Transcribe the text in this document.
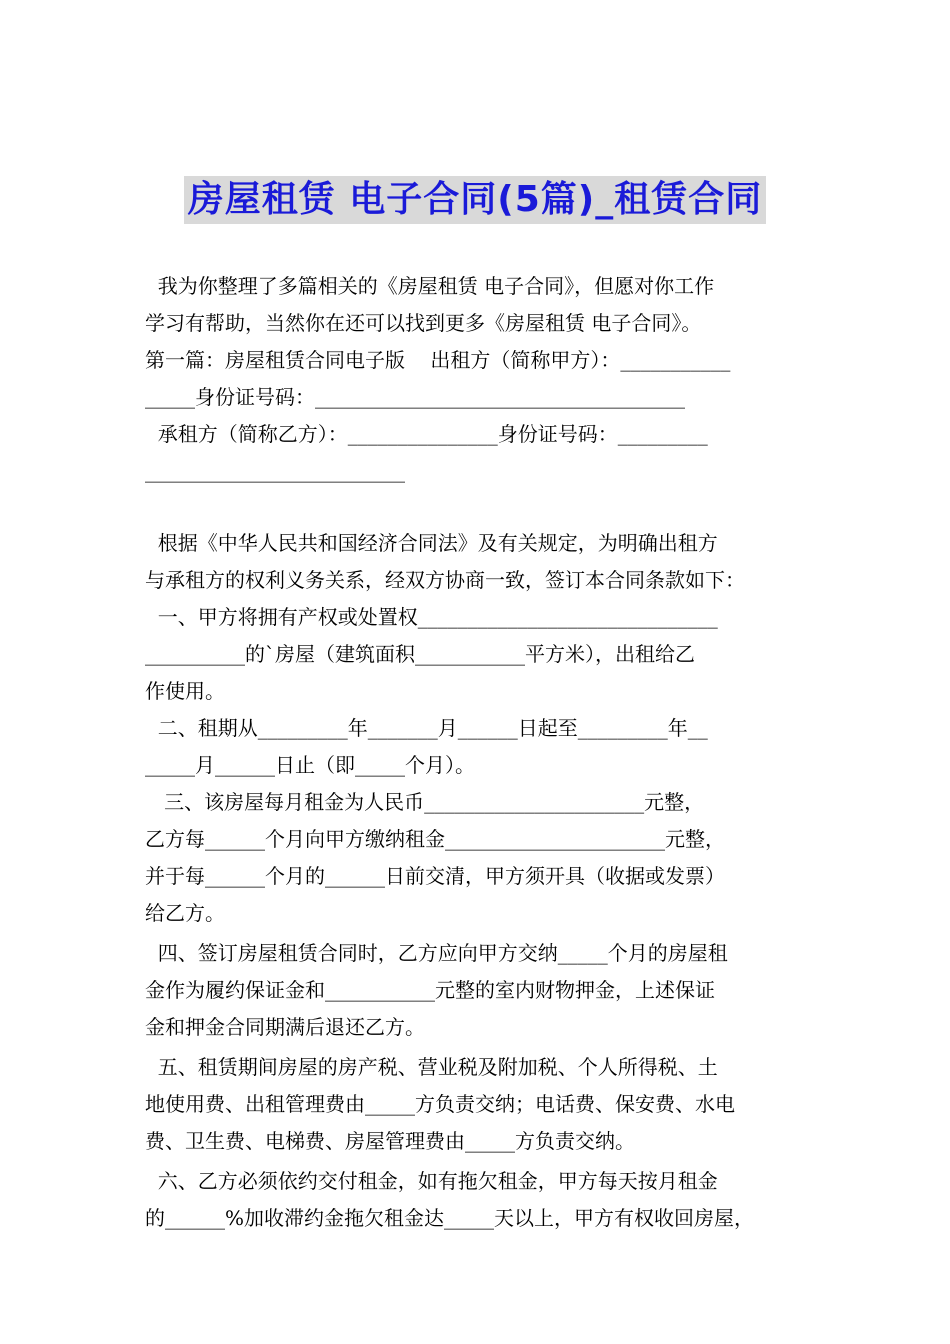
房屋租赁 电子合同(5篇)_租赁合同
我为你整理了多篇相关的《房屋租赁 电子合同》，但愿对你工作
学习有帮助，当然你在还可以找到更多《房屋租赁 电子合同》。
第一篇：房屋租赁合同电子版    出租方（简称甲方）：___________
_____身份证号码：_____________________________________
承租方（简称乙方）：_______________身份证号码：_________
__________________________
根据《中华人民共和国经济合同法》及有关规定，为明确出租方
与承租方的权利义务关系，经双方协商一致，签订本合同条款如下：
一、甲方将拥有产权或处置权______________________________
__________的`房屋（建筑面积___________平方米），出租给乙
作使用。
二、租期从_________年_______月______日起至_________年__
_____月______日止（即_____个月）。
三、该房屋每月租金为人民币______________________元整，
乙方每______个月向甲方缴纳租金______________________元整，
并于每______个月的______日前交清，甲方须开具（收据或发票）
给乙方。
四、签订房屋租赁合同时，乙方应向甲方交纳_____个月的房屋租
金作为履约保证金和___________元整的室内财物押金，上述保证
金和押金合同期满后退还乙方。
五、租赁期间房屋的房产税、营业税及附加税、个人所得税、土
地使用费、出租管理费由_____方负责交纳；电话费、保安费、水电
费、卫生费、电梯费、房屋管理费由_____方负责交纳。
六、乙方必须依约交付租金，如有拖欠租金，甲方每天按月租金
的______%加收滞约金拖欠租金达_____天以上，甲方有权收回房屋，
